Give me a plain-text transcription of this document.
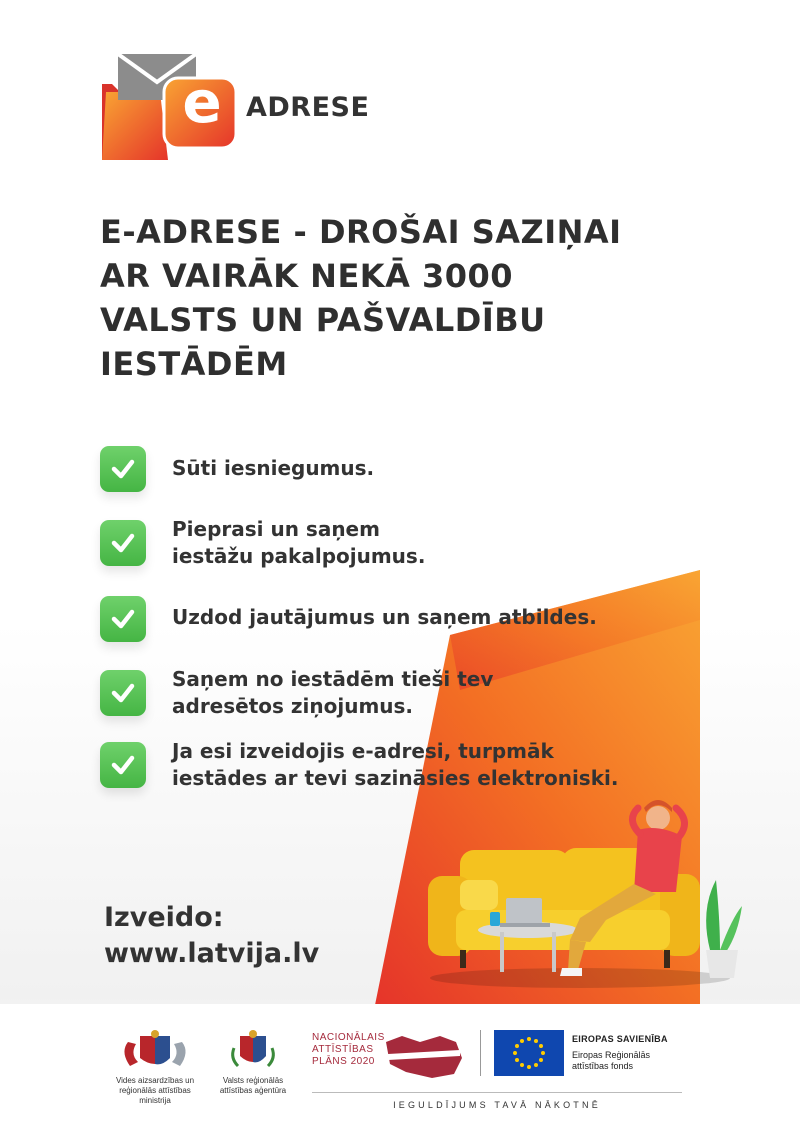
e ADRESE
E-ADRESE - DROŠAI SAZIŅAI
AR VAIRĀK NEKĀ 3000
VALSTS UN PAŠVALDĪBU
IESTĀDĒM
Sūti iesniegumus.
Pieprasi un saņem
iestāžu pakalpojumus.
Uzdod jautājumus un saņem atbildes.
Saņem no iestādēm tieši tev
adresētos ziņojumus.
Ja esi izveidojis e-adresi, turpmāk
iestādes ar tevi sazināsies elektroniski.
Izveido:
www.latvija.lv
Vides aizsardzības un
reģionālās attīstības
ministrija
Valsts reģionālās
attīstības aģentūra
NACIONĀLAIS
ATTĪSTĪBAS
PLĀNS 2020
EIROPAS SAVIENĪBA
Eiropas Reģionālās
attīstības fonds
IEGULDĪJUMS TAVĀ NĀKOTNĒ
